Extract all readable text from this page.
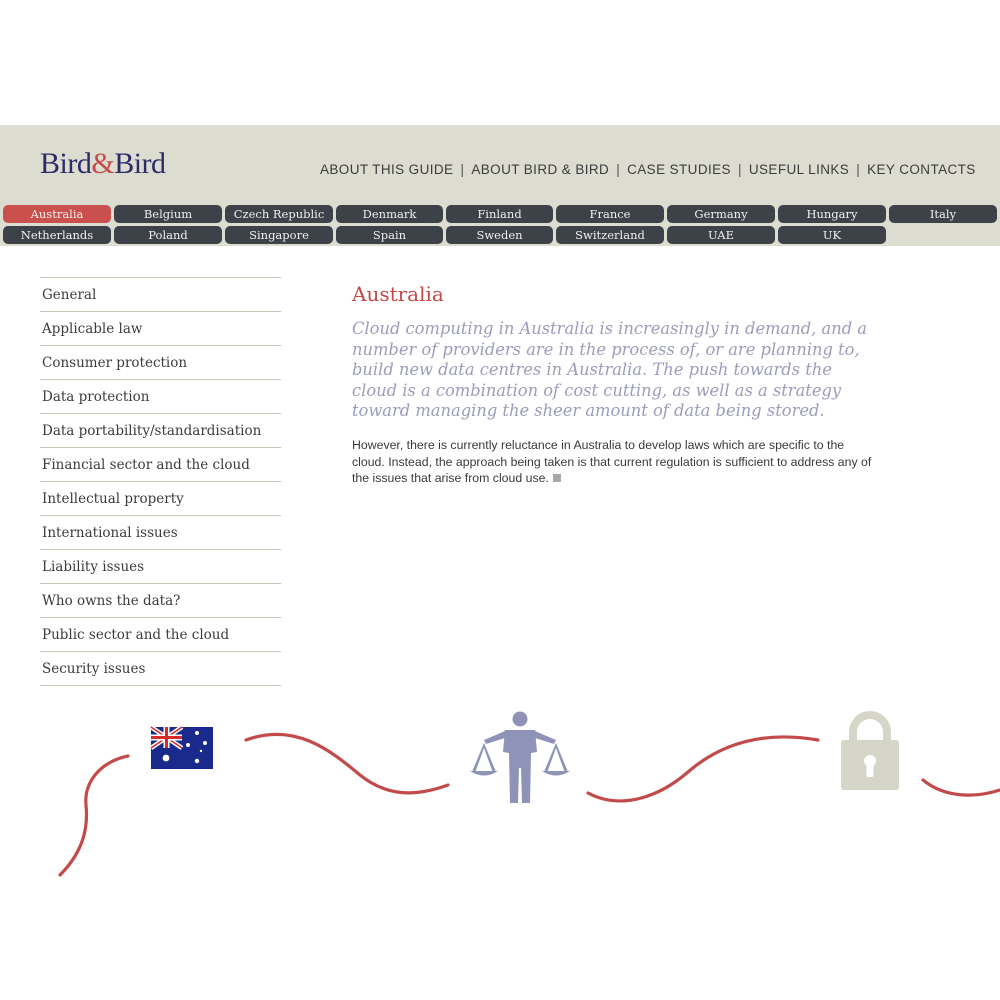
Bird&Bird	ABOUT THIS GUIDE | ABOUT BIRD & BIRD | CASE STUDIES | USEFUL LINKS | KEY CONTACTS
Australia	Belgium	Czech Republic	Denmark	Finland	France	Germany	Hungary	Italy
Netherlands	Poland	Singapore	Spain	Sweden	Switzerland	UAE	UK
General
Applicable law
Consumer protection
Data protection
Data portability/standardisation
Financial sector and the cloud
Intellectual property
International issues
Liability issues
Who owns the data?
Public sector and the cloud
Security issues
Australia
Cloud computing in Australia is increasingly in demand, and a number of providers are in the process of, or are planning to, build new data centres in Australia. The push towards the cloud is a combination of cost cutting, as well as a strategy toward managing the sheer amount of data being stored.
However, there is currently reluctance in Australia to develop laws which are specific to the cloud. Instead, the approach being taken is that current regulation is sufficient to address any of the issues that arise from cloud use.
